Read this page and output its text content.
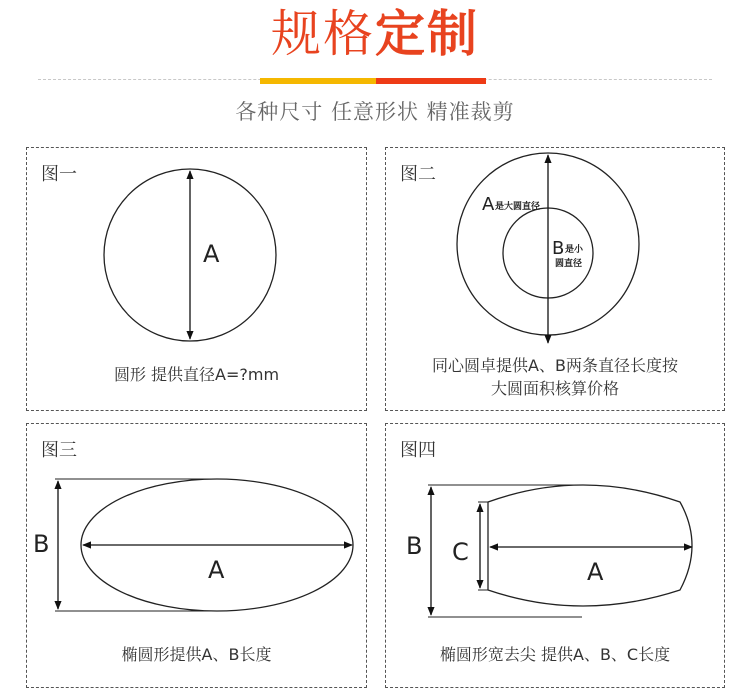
规格定制
各种尺寸 任意形状 精准裁剪
图一
A
圆形 提供直径A=?mm
图二
A 是大圆直径
B 是小
圆直径
同心圆卓提供A、B两条直径长度按
大圆面积核算价格
图三
B
A
椭圆形提供A、B长度
图四
B C
A
椭圆形宽去尖 提供A、B、C长度
